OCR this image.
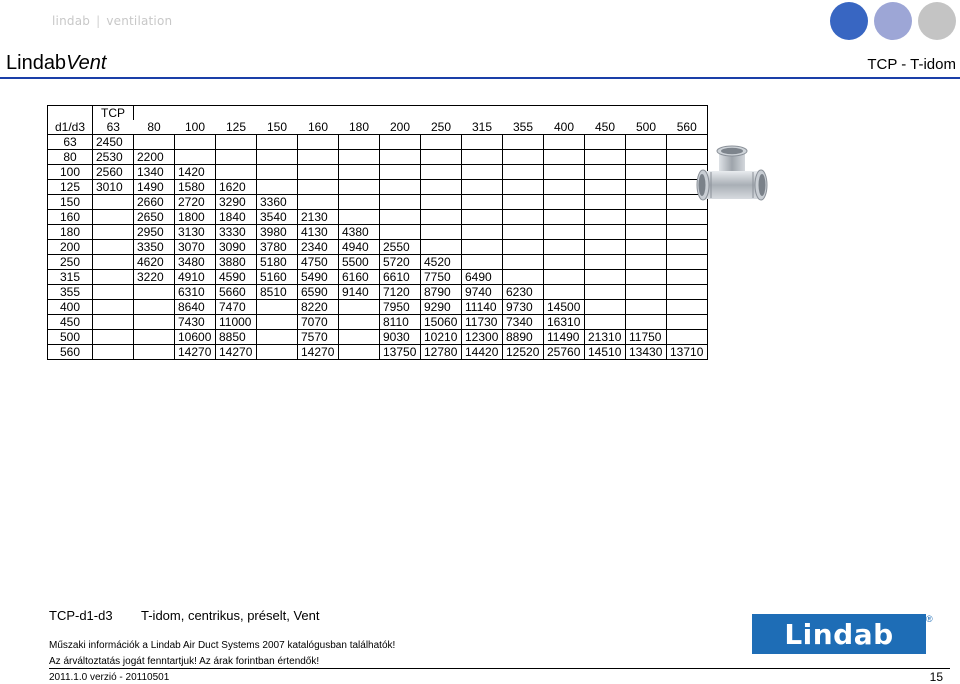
lindab | ventilation
LindabVent	TCP - T-idom
	TCP														
d1/d3	63	80	100	125	150	160	180	200	250	315	355	400	450	500	560
63	2450														
80	2530	2200													
100	2560	1340	1420												
125	3010	1490	1580	1620											
150		2660	2720	3290	3360										
160		2650	1800	1840	3540	2130									
180		2950	3130	3330	3980	4130	4380								
200		3350	3070	3090	3780	2340	4940	2550							
250		4620	3480	3880	5180	4750	5500	5720	4520						
315		3220	4910	4590	5160	5490	6160	6610	7750	6490					
355			6310	5660	8510	6590	9140	7120	8790	9740	6230				
400			8640	7470		8220		7950	9290	11140	9730	14500			
450			7430	11000		7070		8110	15060	11730	7340	16310			
500			10600	8850		7570		9030	10210	12300	8890	11490	21310	11750	
560			14270	14270		14270		13750	12780	14420	12520	25760	14510	13430	13710
TCP-d1-d3 T-idom, centrikus, préselt, Vent
Műszaki információk a Lindab Air Duct Systems 2007 katalógusban találhatók!
Az árváltoztatás jogát fenntartjuk! Az árak forintban értendők!
2011.1.0 verzió - 20110501	15
Lindab	®
